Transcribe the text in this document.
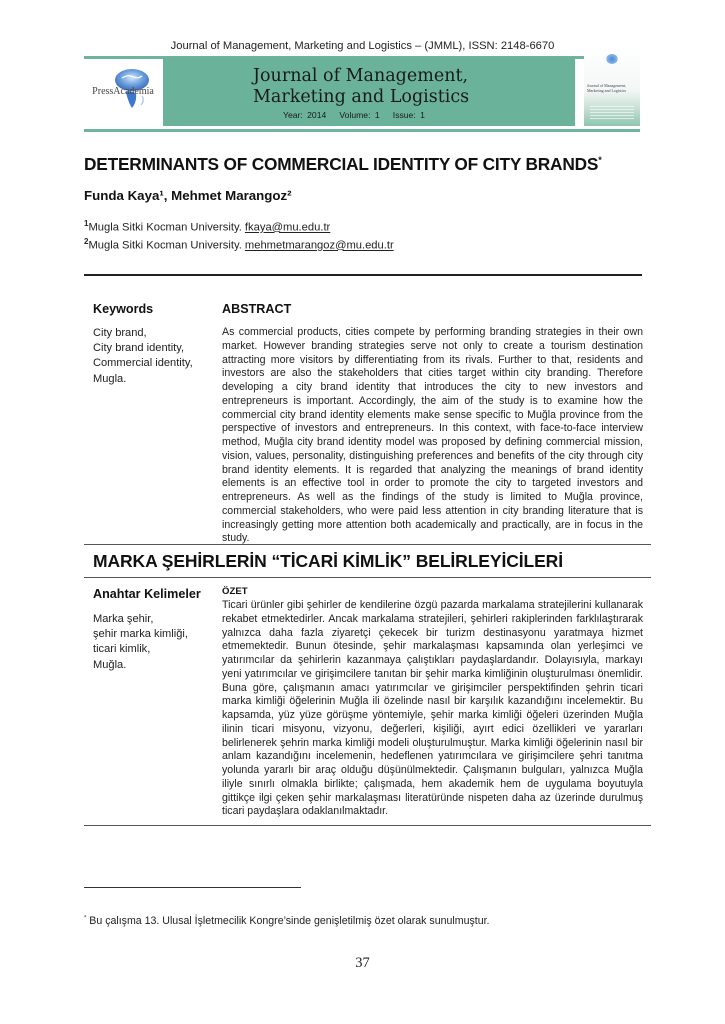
Journal of Management, Marketing and Logistics – (JMML), ISSN: 2148-6670
PressAcademia
Journal of Management,
Marketing and Logistics
Year: 2014   Volume: 1   Issue: 1
Journal of Management, Marketing and Logistics
DETERMINANTS OF COMMERCIAL IDENTITY OF CITY BRANDS*
Funda Kaya¹, Mehmet Marangoz²
$^1$Mugla Sitki Kocman University. fkaya@mu.edu.tr
$^2$Mugla Sitki Kocman University. mehmetmarangoz@mu.edu.tr
Keywords
City brand,
City brand identity,
Commercial identity,
Mugla.
ABSTRACT
As commercial products, cities compete by performing branding strategies in their own market. However branding strategies serve not only to create a tourism destination attracting more visitors by differentiating from its rivals. Further to that, residents and investors are also the stakeholders that cities target within city branding. Therefore developing a city brand identity that introduces the city to new investors and entrepreneurs is important. Accordingly, the aim of the study is to examine how the commercial city brand identity elements make sense specific to Muğla province from the perspective of investors and entrepreneurs. In this context, with face-to-face interview method, Muğla city brand identity model was proposed by defining commercial mission, vision, values, personality, distinguishing preferences and benefits of the city through city brand identity elements. It is regarded that analyzing the meanings of brand identity elements is an effective tool in order to promote the city to targeted investors and entrepreneurs. As well as the findings of the study is limited to Muğla province, commercial stakeholders, who were paid less attention in city branding literature that is increasingly getting more attention both academically and practically, are in focus in the study.
MARKA ŞEHİRLERİN “TİCARİ KİMLİK” BELİRLEYİCİLERİ
Anahtar Kelimeler
Marka şehir,
şehir marka kimliği,
ticari kimlik,
Muğla.
ÖZET
Ticari ürünler gibi şehirler de kendilerine özgü pazarda markalama stratejilerini kullanarak rekabet etmektedirler. Ancak markalama stratejileri, şehirleri rakiplerinden farklılaştırarak yalnızca daha fazla ziyaretçi çekecek bir turizm destinasyonu yaratmaya hizmet etmemektedir. Bunun ötesinde, şehir markalaşması kapsamında olan yerleşimci ve yatırımcılar da şehirlerin kazanmaya çalıştıkları paydaşlardandır. Dolayısıyla, markayı yeni yatırımcılar ve girişimcilere tanıtan bir şehir marka kimliğinin oluşturulması önemlidir. Buna göre, çalışmanın amacı yatırımcılar ve girişimciler perspektifinden şehrin ticari marka kimliği öğelerinin Muğla ili özelinde nasıl bir karşılık kazandığını incelemektir. Bu kapsamda, yüz yüze görüşme yöntemiyle, şehir marka kimliği öğeleri üzerinden Muğla ilinin ticari misyonu, vizyonu, değerleri, kişiliği, ayırt edici özellikleri ve yararları belirlenerek şehrin marka kimliği modeli oluşturulmuştur. Marka kimliği öğelerinin nasıl bir anlam kazandığını incelemenin, hedeflenen yatırımcılara ve girişimcilere şehri tanıtma yolunda yararlı bir araç olduğu düşünülmektedir. Çalışmanın bulguları, yalnızca Muğla iliyle sınırlı olmakla birlikte; çalışmada, hem akademik hem de uygulama boyutuyla gittikçe ilgi çeken şehir markalaşması literatüründe nispeten daha az üzerinde durulmuş ticari paydaşlara odaklanılmaktadır.
* Bu çalışma 13. Ulusal İşletmecilik Kongre’sinde genişletilmiş özet olarak sunulmuştur.
37
